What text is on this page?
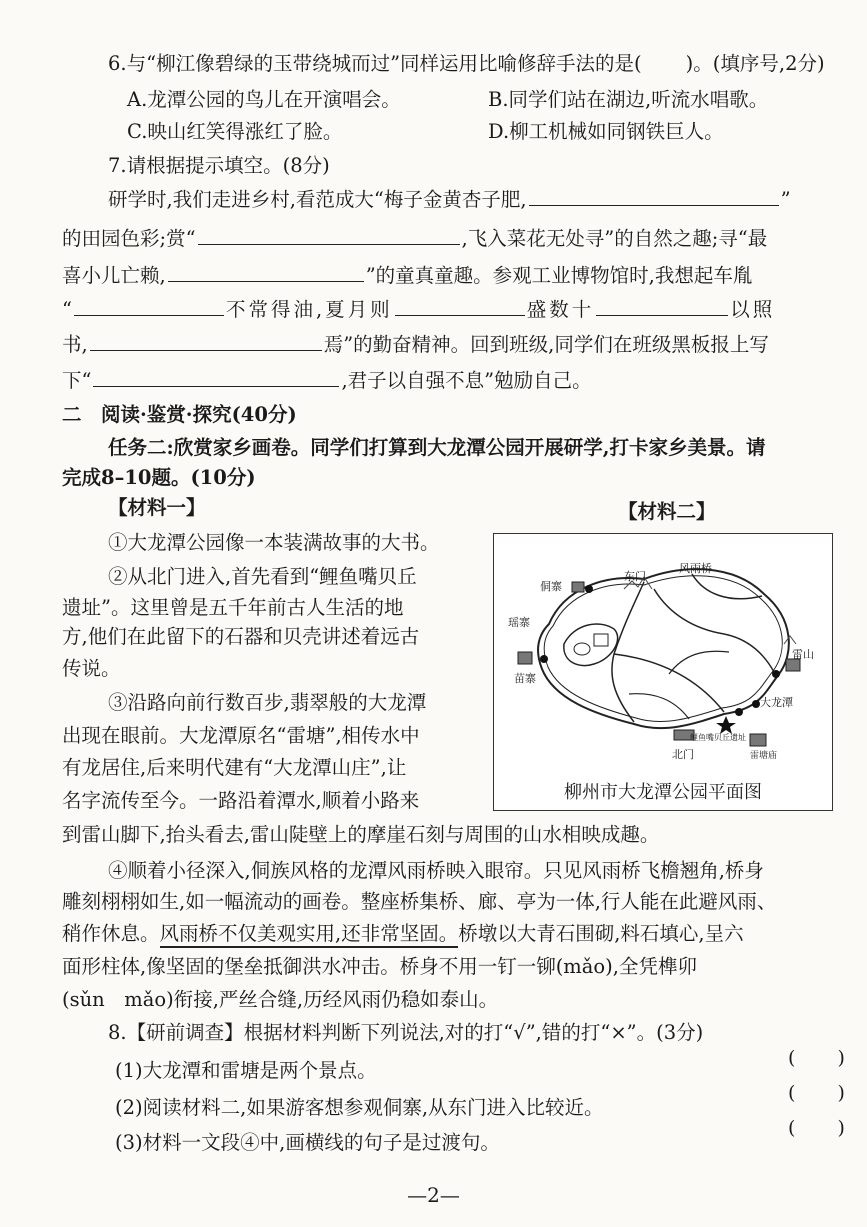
6.与“柳江像碧绿的玉带绕城而过”同样运用比喻修辞手法的是( )。(填序号,2分)
A.龙潭公园的鸟儿在开演唱会。	B.同学们站在湖边,听流水唱歌。
C.映山红笑得涨红了脸。	D.柳工机械如同钢铁巨人。
7.请根据提示填空。(8分)
研学时,我们走进乡村,看范成大“梅子金黄杏子肥,	”
的田园色彩;赏“	,飞入菜花无处寻”的自然之趣;寻“最
喜小儿亡赖,	”的童真童趣。参观工业博物馆时,我想起车胤
“	不常得油,夏月则	盛数十	以照
书,	焉”的勤奋精神。回到班级,同学们在班级黑板报上写
下“	,君子以自强不息”勉励自己。
二　阅读·鉴赏·探究(40分)
任务二:欣赏家乡画卷。同学们打算到大龙潭公园开展研学,打卡家乡美景。请
完成8–10题。(10分)
【材料一】
①大龙潭公园像一本装满故事的大书。
②从北门进入,首先看到“鲤鱼嘴贝丘
遗址”。这里曾是五千年前古人生活的地
方,他们在此留下的石器和贝壳讲述着远古
传说。
③沿路向前行数百步,翡翠般的大龙潭
出现在眼前。大龙潭原名“雷塘”,相传水中
有龙居住,后来明代建有“大龙潭山庄”,让
名字流传至今。一路沿着潭水,顺着小路来
到雷山脚下,抬头看去,雷山陡壁上的摩崖石刻与周围的山水相映成趣。
④顺着小径深入,侗族风格的龙潭风雨桥映入眼帘。只见风雨桥飞檐翘角,桥身
雕刻栩栩如生,如一幅流动的画卷。整座桥集桥、廊、亭为一体,行人能在此避风雨、
稍作休息。风雨桥不仅美观实用,还非常坚固。桥墩以大青石围砌,料石填心,呈六
面形柱体,像坚固的堡垒抵御洪水冲击。桥身不用一钉一铆(mǎo),全凭榫卯
(sǔn　mǎo)衔接,严丝合缝,历经风雨仍稳如泰山。
【材料二】
东门
风雨桥
侗寨
瑶寨
苗寨
雷山
大龙潭
北门
鲤鱼嘴贝丘遗址
雷塘庙
柳州市大龙潭公园平面图
8.【研前调查】根据材料判断下列说法,对的打“√”,错的打“×”。(3分)
(1)大龙潭和雷塘是两个景点。
(2)阅读材料二,如果游客想参观侗寨,从东门进入比较近。
(3)材料一文段④中,画横线的句子是过渡句。
( )
( )
( )
—2—
